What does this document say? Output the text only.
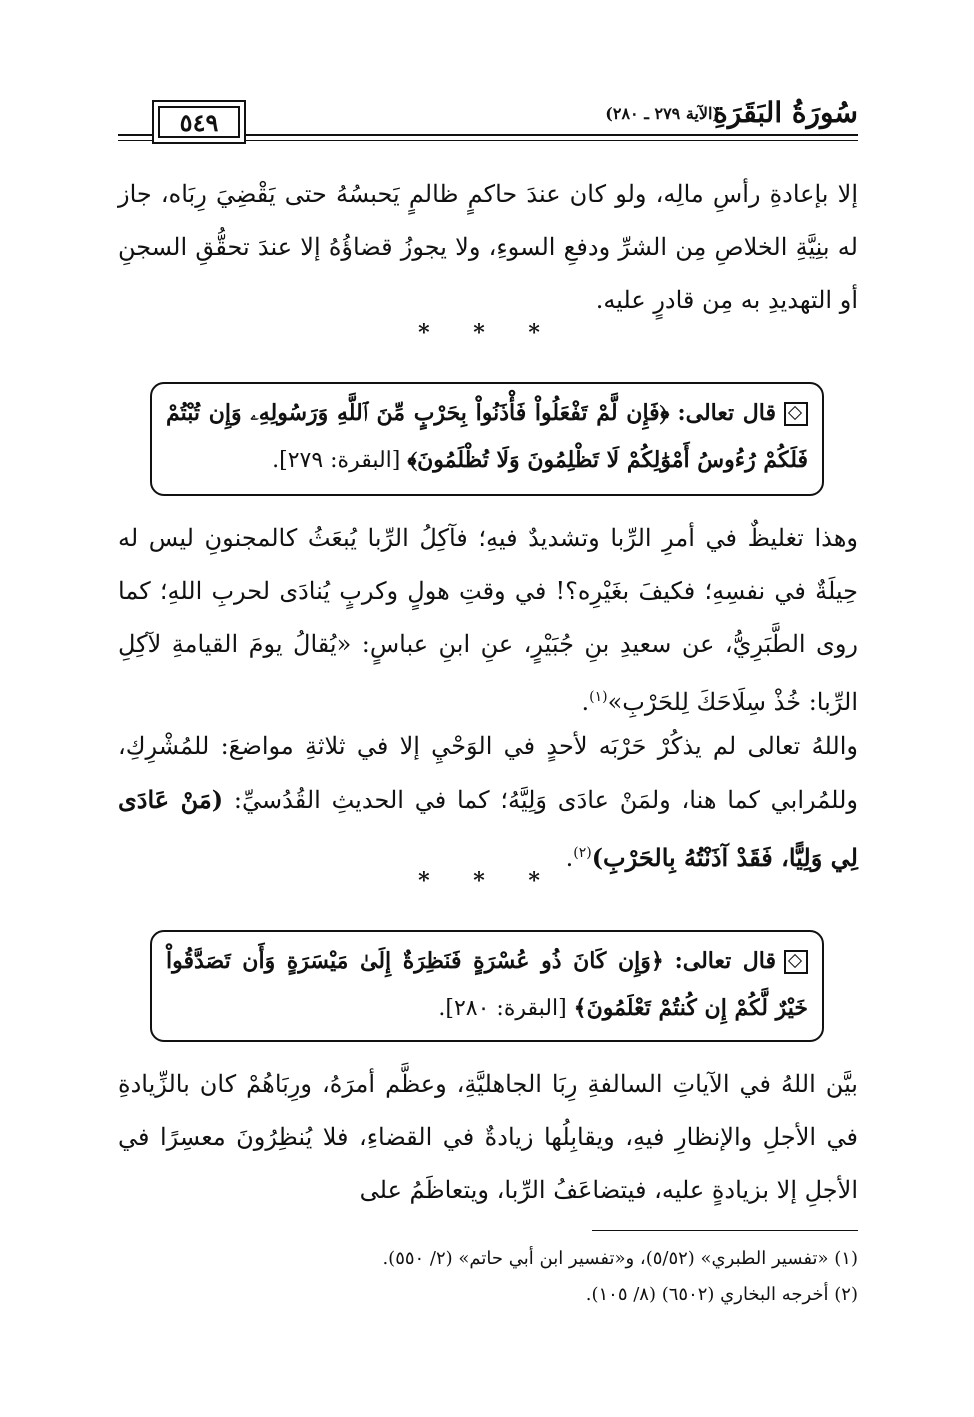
سُورَةُ البَقَرَةِ
(الآية ٢٧٩ ـ ٢٨٠)
٥٤٩

إلا بإعادةِ رأسِ مالِه، ولو كان عندَ حاكمٍ ظالمٍ يَحبسُهُ حتى يَقْضِيَ رِبَاه، جاز له بنِيَّةِ الخلاصِ مِن الشرِّ ودفعِ السوءِ، ولا يجوزُ قضاؤُهُ إلا عندَ تحقُّقِ السجنِ أو التهديدِ به مِن قادرٍ عليه.

* * *
قال تعالى: ﴿فَإِن لَّمْ تَفْعَلُواْ فَأْذَنُواْ بِحَرْبٍ مِّنَ ٱللَّهِ وَرَسُولِهِۦ وَإِن تُبْتُمْ فَلَكُمْ رُءُوسُ أَمْوَٰلِكُمْ لَا تَظْلِمُونَ وَلَا تُظْلَمُونَ﴾ [البقرة: ٢٧٩].

وهذا تغليظٌ في أمرِ الرِّبا وتشديدٌ فيهِ؛ فآكِلُ الرِّبا يُبعَثُ كالمجنونِ ليس له حِيلَةٌ في نفسِهِ؛ فكيفَ بغَيْرِه؟! في وقتِ هولٍ وكربٍ يُنادَى لحربِ اللهِ؛ كما روى الطَّبَرِيُّ، عن سعيدِ بنِ جُبَيْرٍ، عنِ ابنِ عباسٍ: «يُقالُ يومَ القيامةِ لآكِلِ الرِّبا: خُذْ سِلَاحَكَ لِلحَرْبِ»$^{(١)}$.

واللهُ تعالى لم يذكُرْ حَرْبَه لأحدٍ في الوَحْيِ إلا في ثلاثةِ مواضعَ: للمُشْرِكِ، وللمُرابي كما هنا، ولمَنْ عادَى وَلِيَّهُ؛ كما في الحديثِ القُدُسيِّ: (مَنْ عَادَى لِي وَلِيًّا، فَقَدْ آذَنْتُهُ بِالحَرْبِ)$^{(٢)}$.

* * *
قال تعالى: ﴿وَإِن كَانَ ذُو عُسْرَةٍ فَنَظِرَةٌ إِلَىٰ مَيْسَرَةٍ وَأَن تَصَدَّقُواْ خَيْرٌ لَّكُمْ إِن كُنتُمْ تَعْلَمُونَ﴾ [البقرة: ٢٨٠].

بيَّن اللهُ في الآياتِ السالفةِ رِبَا الجاهليَّةِ، وعظَّم أمرَهُ، ورِبَاهُمْ كان بالزِّيادةِ في الأجلِ والإنظارِ فيهِ، ويقابِلُها زيادةٌ في القضاءِ، فلا يُنظِرُونَ معسِرًا في الأجلِ إلا بزيادةٍ عليه، فيتضاعَفُ الرِّبا، ويتعاظَمُ على

(١) «تفسير الطبري» (٥/٥٢)، و«تفسير ابن أبي حاتم» (٢/ ٥٥٠).
(٢) أخرجه البخاري (٦٥٠٢) (٨/ ١٠٥).
